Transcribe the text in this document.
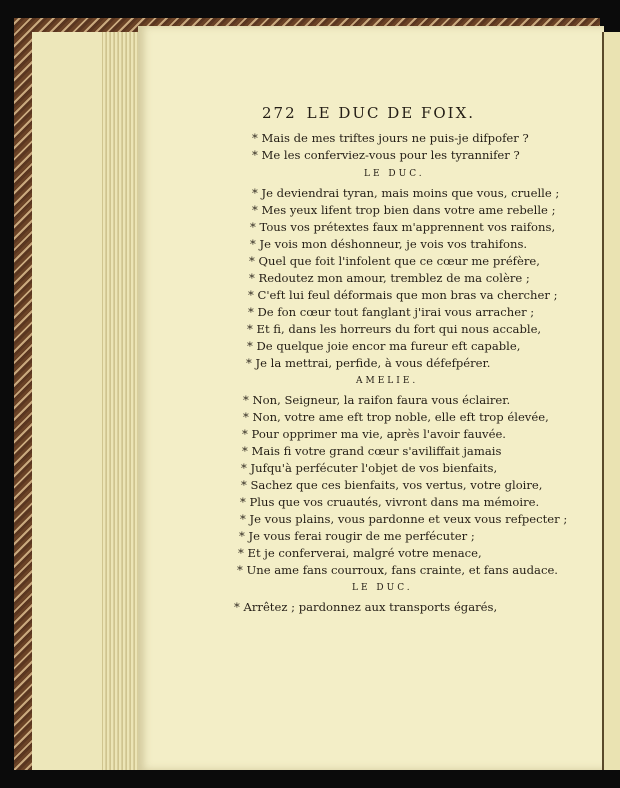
272 LE DUC DE FOIX.
* Mais de mes triftes jours ne puis-je difpofer ?
* Me les conferviez-vous pour les tyrannifer ?
LE DUC.
* Je deviendrai tyran, mais moins que vous, cruelle ;
* Mes yeux lifent trop bien dans votre ame rebelle ;
* Tous vos prétextes faux m'apprennent vos raifons,
* Je vois mon déshonneur, je vois vos trahifons.
* Quel que foit l'infolent que ce cœur me préfère,
* Redoutez mon amour, tremblez de ma colère ;
* C'eft lui feul déformais que mon bras va chercher ;
* De fon cœur tout fanglant j'irai vous arracher ;
* Et fi, dans les horreurs du fort qui nous accable,
* De quelque joie encor ma fureur eft capable,
* Je la mettrai, perfide, à vous défefpérer.
AMELIE.
* Non, Seigneur, la raifon faura vous éclairer.
* Non, votre ame eft trop noble, elle eft trop élevée,
* Pour opprimer ma vie, après l'avoir fauvée.
* Mais fi votre grand cœur s'aviliffait jamais
* Jufqu'à perfécuter l'objet de vos bienfaits,
* Sachez que ces bienfaits, vos vertus, votre gloire,
* Plus que vos cruautés, vivront dans ma mémoire.
* Je vous plains, vous pardonne et veux vous refpecter ;
* Je vous ferai rougir de me perfécuter ;
* Et je conferverai, malgré votre menace,
* Une ame fans courroux, fans crainte, et fans audace.
LE DUC.
* Arrêtez ; pardonnez aux transports égarés,
